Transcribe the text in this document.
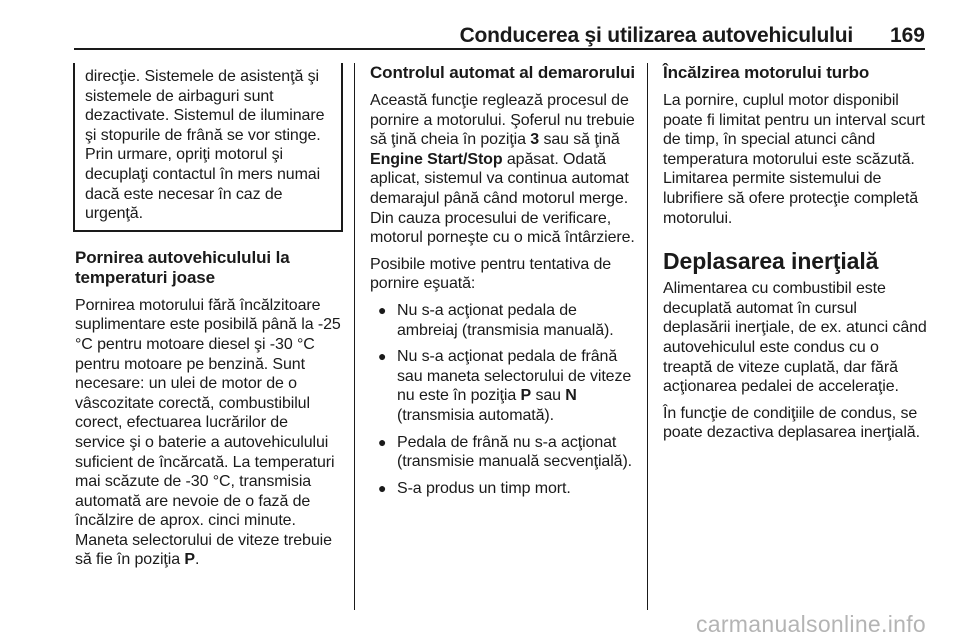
Conducerea şi utilizarea autovehiculului 169
direcţie. Sistemele de asistenţă şi sistemele de airbaguri sunt dezactivate. Sistemul de iluminare şi stopurile de frână se vor stinge. Prin urmare, opriţi motorul şi decuplaţi contactul în mers numai dacă este necesar în caz de urgenţă.
Pornirea autovehiculului la temperaturi joase

Pornirea motorului fără încălzitoare suplimentare este posibilă până la -25 °C pentru motoare diesel şi -30 °C pentru motoare pe benzină. Sunt necesare: un ulei de motor de o vâscozitate corectă, combustibilul corect, efectuarea lucrărilor de service şi o baterie a autovehiculului suficient de încărcată. La temperaturi mai scăzute de -30 °C, transmisia automată are nevoie de o fază de încălzire de aprox. cinci minute. Maneta selectorului de viteze trebuie să fie în poziţia P.

Controlul automat al demarorului

Această funcţie reglează procesul de pornire a motorului. Şoferul nu trebuie să ţină cheia în poziţia 3 sau să ţină Engine Start/Stop apăsat. Odată aplicat, sistemul va continua automat demarajul până când motorul merge. Din cauza procesului de verificare, motorul porneşte cu o mică întârziere.

Posibile motive pentru tentativa de pornire eşuată:

● Nu s-a acţionat pedala de ambreiaj (transmisia manuală).
● Nu s-a acţionat pedala de frână sau maneta selectorului de viteze nu este în poziţia P sau N (transmisia automată).
● Pedala de frână nu s-a acţionat (transmisie manuală secvenţială).
● S-a produs un timp mort.
Încălzirea motorului turbo

La pornire, cuplul motor disponibil poate fi limitat pentru un interval scurt de timp, în special atunci când temperatura motorului este scăzută. Limitarea permite sistemului de lubrifiere să ofere protecţie completă motorului.

Deplasarea inerţială

Alimentarea cu combustibil este decuplată automat în cursul deplasării inerţiale, de ex. atunci când autovehiculul este condus cu o treaptă de viteze cuplată, dar fără acţionarea pedalei de acceleraţie.

În funcţie de condiţiile de condus, se poate dezactiva deplasarea inerţială.

carmanualsonline.info
